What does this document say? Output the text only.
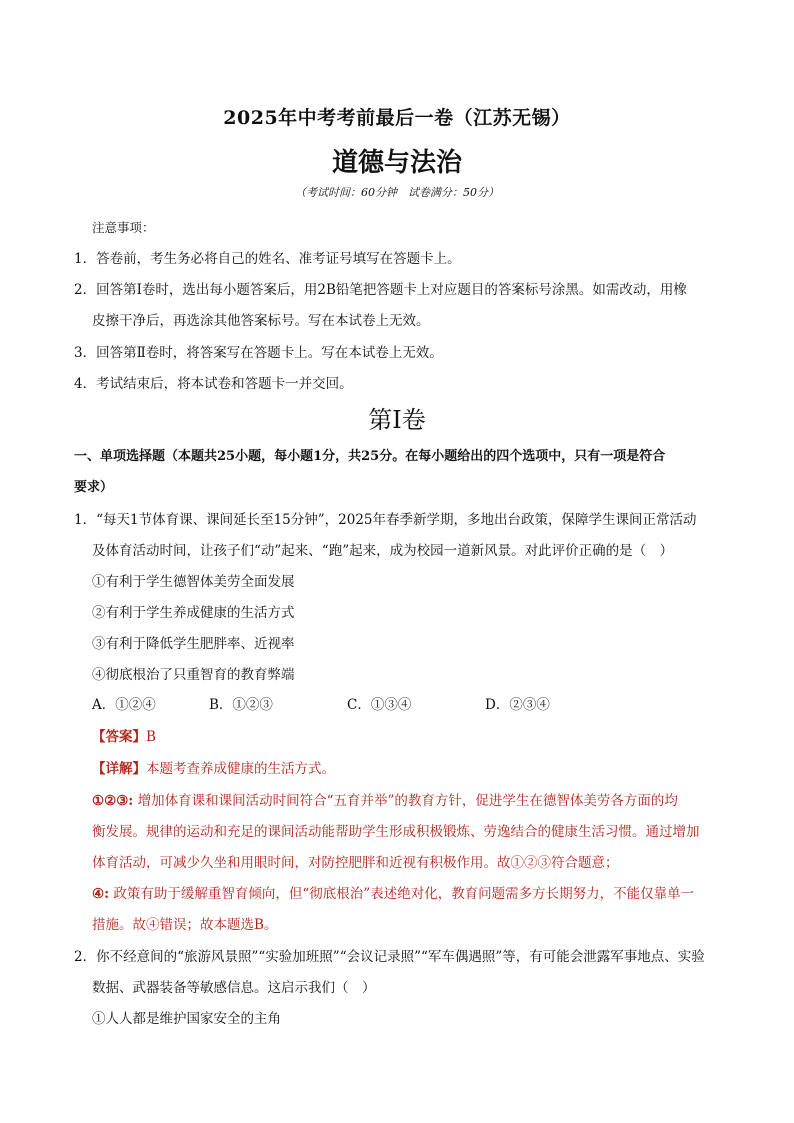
2025年中考考前最后一卷（江苏无锡）
道德与法治
（考试时间：60分钟　试卷满分：50分）
注意事项：
1．答卷前，考生务必将自己的姓名、准考证号填写在答题卡上。
2．回答第Ⅰ卷时，选出每小题答案后，用2B铅笔把答题卡上对应题目的答案标号涂黑。如需改动，用橡
皮擦干净后，再选涂其他答案标号。写在本试卷上无效。
3．回答第Ⅱ卷时，将答案写在答题卡上。写在本试卷上无效。
4．考试结束后，将本试卷和答题卡一并交回。
第Ⅰ卷
一、单项选择题（本题共25小题，每小题1分，共25分。在每小题给出的四个选项中，只有一项是符合
要求）
1．“每天1节体育课、课间延长至15分钟”，2025年春季新学期，多地出台政策，保障学生课间正常活动
及体育活动时间，让孩子们“动”起来、“跑”起来，成为校园一道新风景。对此评价正确的是（　）
①有利于学生德智体美劳全面发展
②有利于学生养成健康的生活方式
③有利于降低学生肥胖率、近视率
④彻底根治了只重智育的教育弊端
A．①②④	B．①②③	C．①③④	D．②③④
【答案】B
【详解】本题考查养成健康的生活方式。
①②③: 增加体育课和课间活动时间符合“五育并举”的教育方针，促进学生在德智体美劳各方面的均
衡发展。规律的运动和充足的课间活动能帮助学生形成积极锻炼、劳逸结合的健康生活习惯。通过增加
体育活动，可减少久坐和用眼时间，对防控肥胖和近视有积极作用。故①②③符合题意；
④: 政策有助于缓解重智育倾向，但“彻底根治”表述绝对化，教育问题需多方长期努力，不能仅靠单一
措施。故④错误；故本题选B。
2．你不经意间的“旅游风景照”“实验加班照”“会议记录照”“军车偶遇照”等，有可能会泄露军事地点、实验
数据、武器装备等敏感信息。这启示我们（　）
①人人都是维护国家安全的主角
